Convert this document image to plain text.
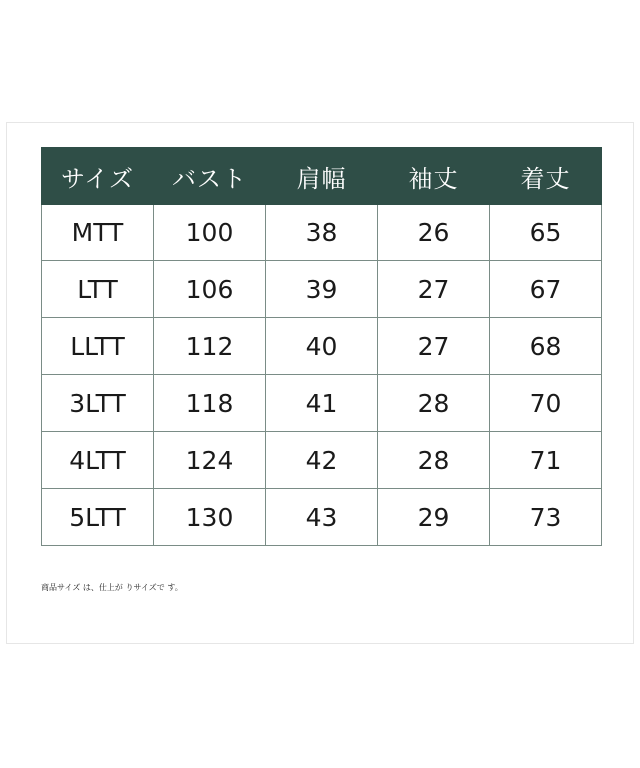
サイズ	バスト	肩幅	袖丈	着丈
MTT	100	38	26	65
LTT	106	39	27	67
LLTT	112	40	27	68
3LTT	118	41	28	70
4LTT	124	42	28	71
5LTT	130	43	29	73
商品サイズ は、仕上が りサイズで す。
